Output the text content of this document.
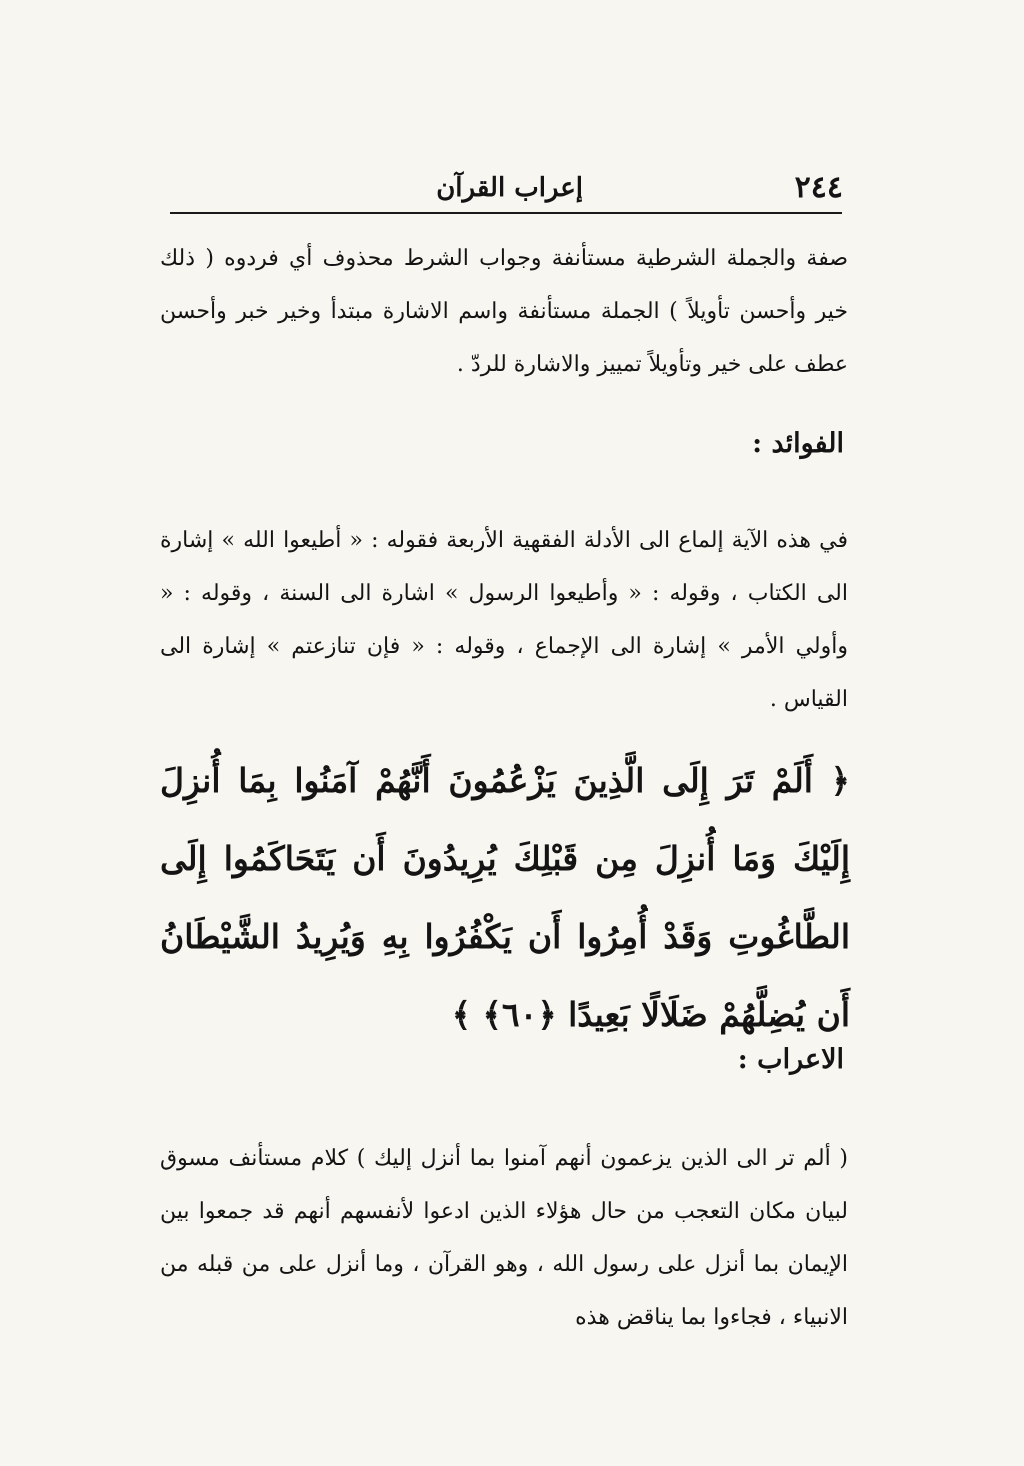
٢٤٤
إعراب القرآن

صفة والجملة الشرطية مستأنفة وجواب الشرط محذوف أي فردوه ( ذلك خير وأحسن تأويلاً ) الجملة مستأنفة واسم الاشارة مبتدأ وخير خبر وأحسن عطف على خير وتأويلاً تمييز والاشارة للردّ .

الفوائد :

في هذه الآية إلماع الى الأدلة الفقهية الأربعة فقوله : « أطيعوا الله » إشارة الى الكتاب ، وقوله : « وأطيعوا الرسول » اشارة الى السنة ، وقوله : « وأولي الأمر » إشارة الى الإجماع ، وقوله : « فإن تنازعتم » إشارة الى القياس .

﴿ أَلَمْ تَرَ إِلَى الَّذِينَ يَزْعُمُونَ أَنَّهُمْ آمَنُوا بِمَا أُنزِلَ إِلَيْكَ وَمَا أُنزِلَ مِن قَبْلِكَ يُرِيدُونَ أَن يَتَحَاكَمُوا إِلَى الطَّاغُوتِ وَقَدْ أُمِرُوا أَن يَكْفُرُوا بِهِ وَيُرِيدُ الشَّيْطَانُ أَن يُضِلَّهُمْ ضَلَالًا بَعِيدًا ﴿٦٠﴾ ﴾

الاعراب :

( ألم تر الى الذين يزعمون أنهم آمنوا بما أنزل إليك ) كلام مستأنف مسوق لبيان مكان التعجب من حال هؤلاء الذين ادعوا لأنفسهم أنهم قد جمعوا بين الإيمان بما أنزل على رسول الله ، وهو القرآن ، وما أنزل على من قبله من الانبياء ، فجاءوا بما يناقض هذه
